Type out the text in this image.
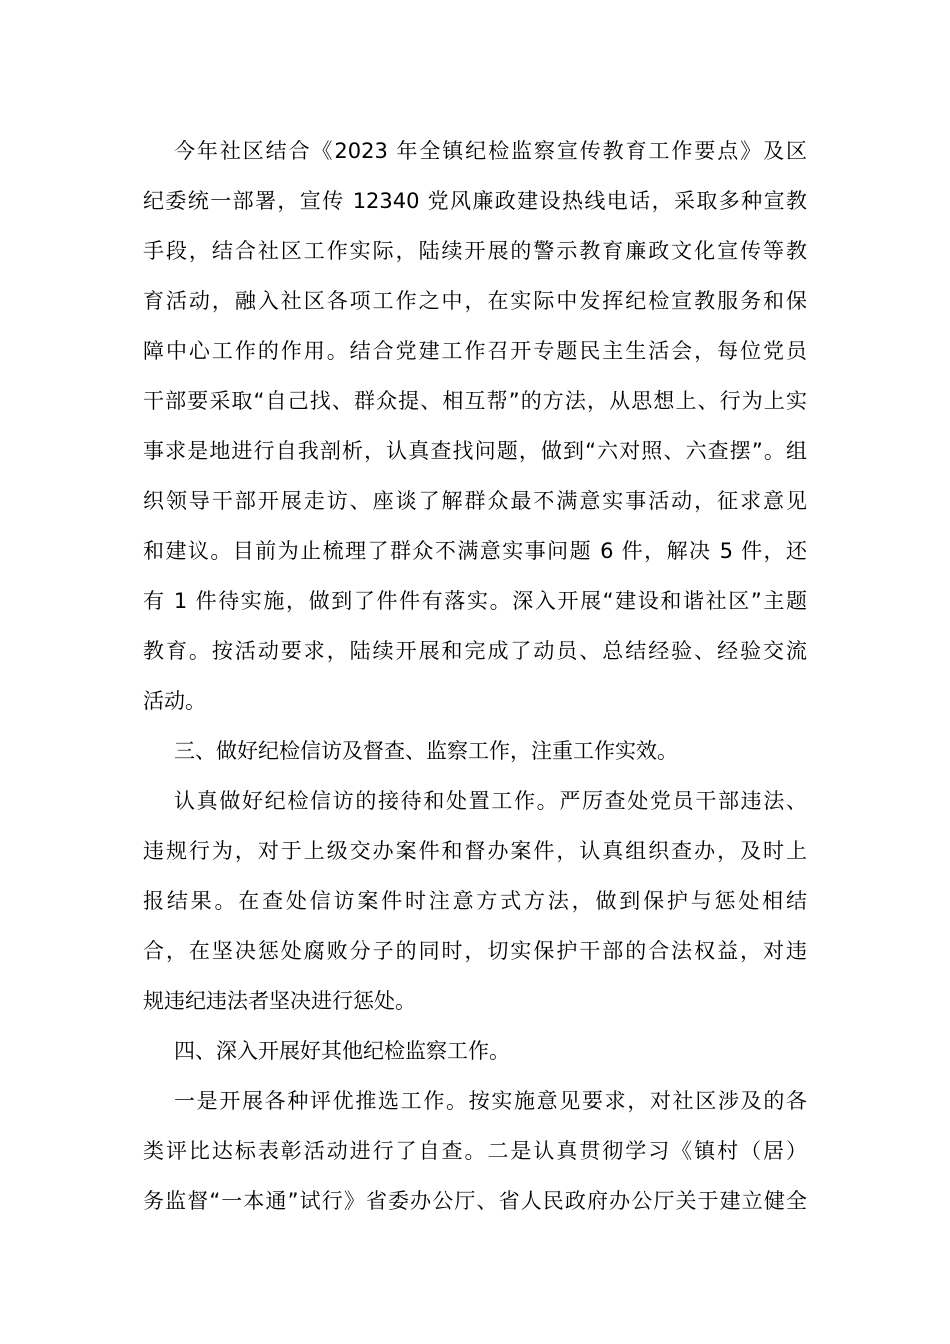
今年社区结合《2023 年全镇纪检监察宣传教育工作要点》及区
纪委统一部署，宣传 12340 党风廉政建设热线电话，采取多种宣教
手段，结合社区工作实际，陆续开展的警示教育廉政文化宣传等教
育活动，融入社区各项工作之中，在实际中发挥纪检宣教服务和保
障中心工作的作用。结合党建工作召开专题民主生活会，每位党员
干部要采取“自己找、群众提、相互帮”的方法，从思想上、行为上实
事求是地进行自我剖析，认真查找问题，做到“六对照、六查摆”。组
织领导干部开展走访、座谈了解群众最不满意实事活动，征求意见
和建议。目前为止梳理了群众不满意实事问题 6 件，解决 5 件，还
有 1 件待实施，做到了件件有落实。深入开展“建设和谐社区”主题
教育。按活动要求，陆续开展和完成了动员、总结经验、经验交流
活动。
三、做好纪检信访及督查、监察工作，注重工作实效。
认真做好纪检信访的接待和处置工作。严厉查处党员干部违法、
违规行为，对于上级交办案件和督办案件，认真组织查办，及时上
报结果。在查处信访案件时注意方式方法，做到保护与惩处相结
合，在坚决惩处腐败分子的同时，切实保护干部的合法权益，对违
规违纪违法者坚决进行惩处。
四、深入开展好其他纪检监察工作。
一是开展各种评优推选工作。按实施意见要求，对社区涉及的各
类评比达标表彰活动进行了自查。二是认真贯彻学习《镇村（居）
务监督“一本通”试行》省委办公厅、省人民政府办公厅关于建立健全
